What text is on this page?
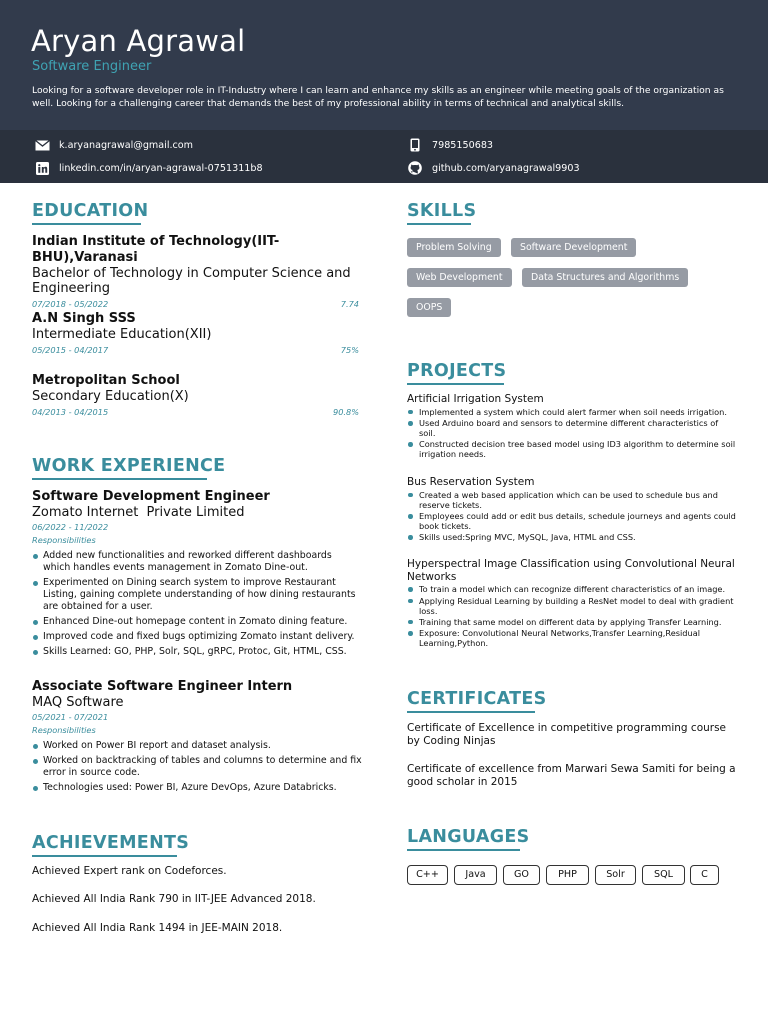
Aryan Agrawal
Software Engineer
Looking for a software developer role in IT-Industry where I can learn and enhance my skills as an engineer while meeting goals of the organization as well. Looking for a challenging career that demands the best of my professional ability in terms of technical and analytical skills.
k.aryanagrawal@gmail.com	7985150683
linkedin.com/in/aryan-agrawal-0751311b8	github.com/aryanagrawal9903
EDUCATION
Indian Institute of Technology(IIT-BHU),Varanasi
Bachelor of Technology in Computer Science and Engineering
07/2018 - 05/2022	7.74
A.N Singh SSS
Intermediate Education(XII)
05/2015 - 04/2017	75%
Metropolitan School
Secondary Education(X)
04/2013 - 04/2015	90.8%
WORK EXPERIENCE
Software Development Engineer
Zomato Internet  Private Limited
06/2022 - 11/2022
Responsibilities
Added new functionalities and reworked different dashboards which handles events management in Zomato Dine-out.
Experimented on Dining search system to improve Restaurant Listing, gaining complete understanding of how dining restaurants are obtained for a user.
Enhanced Dine-out homepage content in Zomato dining feature.
Improved code and fixed bugs optimizing Zomato instant delivery.
Skills Learned: GO, PHP, Solr, SQL, gRPC, Protoc, Git, HTML, CSS.
Associate Software Engineer Intern
MAQ Software
05/2021 - 07/2021
Responsibilities
Worked on Power BI report and dataset analysis.
Worked on backtracking of tables and columns to determine and fix error in source code.
Technologies used: Power BI, Azure DevOps, Azure Databricks.
ACHIEVEMENTS
Achieved Expert rank on Codeforces.
Achieved All India Rank 790 in IIT-JEE Advanced 2018.
Achieved All India Rank 1494 in JEE-MAIN 2018.
SKILLS
Problem Solving	Software Development
Web Development	Data Structures and Algorithms
OOPS
PROJECTS
Artificial Irrigation System
Implemented a system which could alert farmer when soil needs irrigation.
Used Arduino board and sensors to determine different characteristics of soil.
Constructed decision tree based model using ID3 algorithm to determine soil irrigation needs.
Bus Reservation System
Created a web based application which can be used to schedule bus and reserve tickets.
Employees could add or edit bus details, schedule journeys and agents could book tickets.
Skills used:Spring MVC, MySQL, Java, HTML and CSS.
Hyperspectral Image Classification using Convolutional Neural Networks
To train a model which can recognize different characteristics of an image.
Applying Residual Learning by building a ResNet model to deal with gradient loss.
Training that same model on different data by applying Transfer Learning.
Exposure: Convolutional Neural Networks,Transfer Learning,Residual Learning,Python.
CERTIFICATES
Certificate of Excellence in competitive programming course by Coding Ninjas
Certificate of excellence from Marwari Sewa Samiti for being a good scholar in 2015
LANGUAGES
C++	Java	GO	PHP	Solr	SQL	C
